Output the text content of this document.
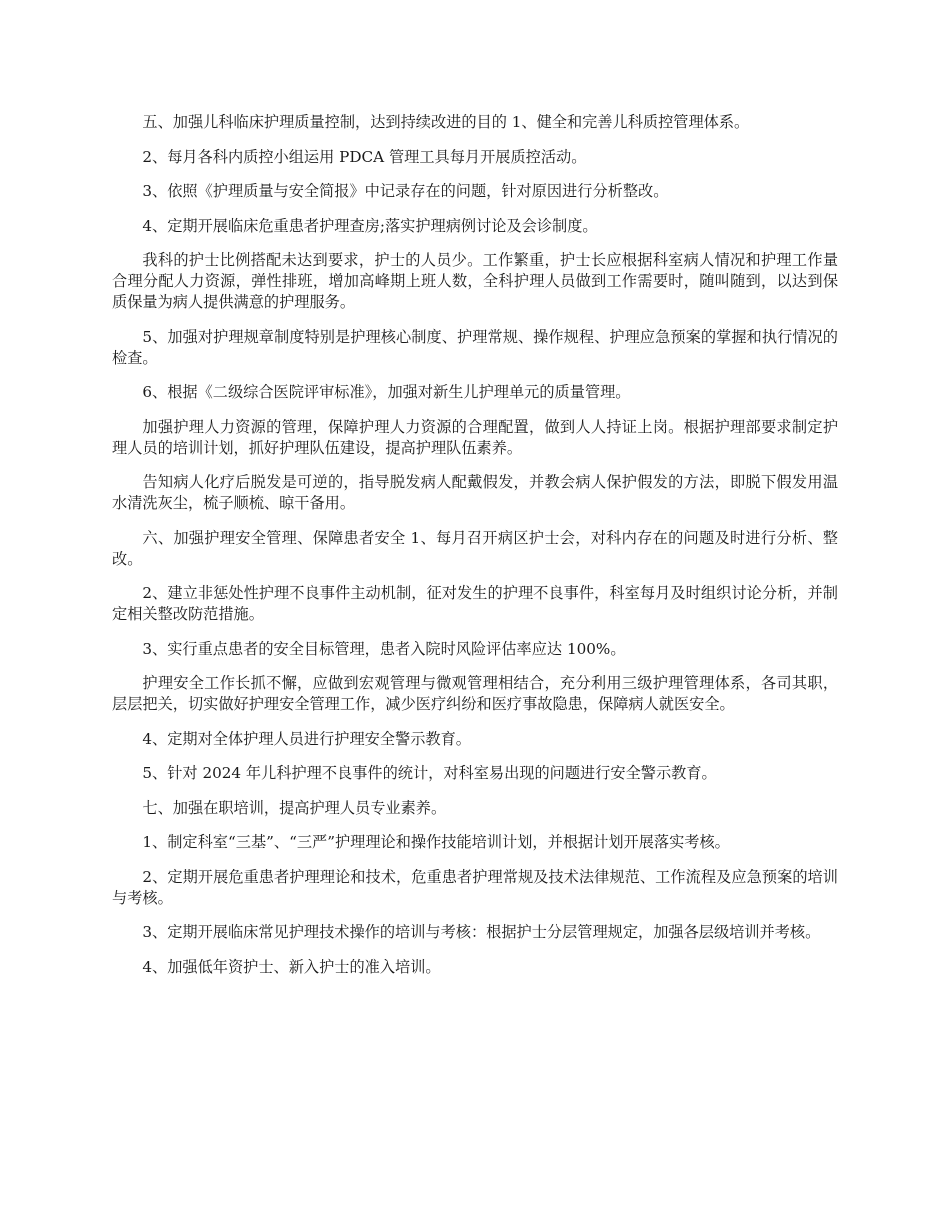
五、加强儿科临床护理质量控制，达到持续改进的目的 1、健全和完善儿科质控管理体系。

2、每月各科内质控小组运用 PDCA 管理工具每月开展质控活动。

3、依照《护理质量与安全简报》中记录存在的问题，针对原因进行分析整改。

4、定期开展临床危重患者护理查房;落实护理病例讨论及会诊制度。

我科的护士比例搭配未达到要求，护士的人员少。工作繁重，护士长应根据科室病人情况和护理工作量合理分配人力资源，弹性排班，增加高峰期上班人数，全科护理人员做到工作需要时，随叫随到，以达到保质保量为病人提供满意的护理服务。

5、加强对护理规章制度特别是护理核心制度、护理常规、操作规程、护理应急预案的掌握和执行情况的检查。

6、根据《二级综合医院评审标准》，加强对新生儿护理单元的质量管理。

加强护理人力资源的管理，保障护理人力资源的合理配置，做到人人持证上岗。根据护理部要求制定护理人员的培训计划，抓好护理队伍建设，提高护理队伍素养。

告知病人化疗后脱发是可逆的，指导脱发病人配戴假发，并教会病人保护假发的方法，即脱下假发用温水清洗灰尘，梳子顺梳、晾干备用。

六、加强护理安全管理、保障患者安全 1、每月召开病区护士会，对科内存在的问题及时进行分析、整改。

2、建立非惩处性护理不良事件主动机制，征对发生的护理不良事件，科室每月及时组织讨论分析，并制定相关整改防范措施。

3、实行重点患者的安全目标管理，患者入院时风险评估率应达 100%。

护理安全工作长抓不懈，应做到宏观管理与微观管理相结合，充分利用三级护理管理体系，各司其职，层层把关，切实做好护理安全管理工作，减少医疗纠纷和医疗事故隐患，保障病人就医安全。

4、定期对全体护理人员进行护理安全警示教育。

5、针对 2024 年儿科护理不良事件的统计，对科室易出现的问题进行安全警示教育。

七、加强在职培训，提高护理人员专业素养。

1、制定科室“三基”、“三严”护理理论和操作技能培训计划，并根据计划开展落实考核。

2、定期开展危重患者护理理论和技术，危重患者护理常规及技术法律规范、工作流程及应急预案的培训与考核。

3、定期开展临床常见护理技术操作的培训与考核：根据护士分层管理规定，加强各层级培训并考核。

4、加强低年资护士、新入护士的准入培训。
